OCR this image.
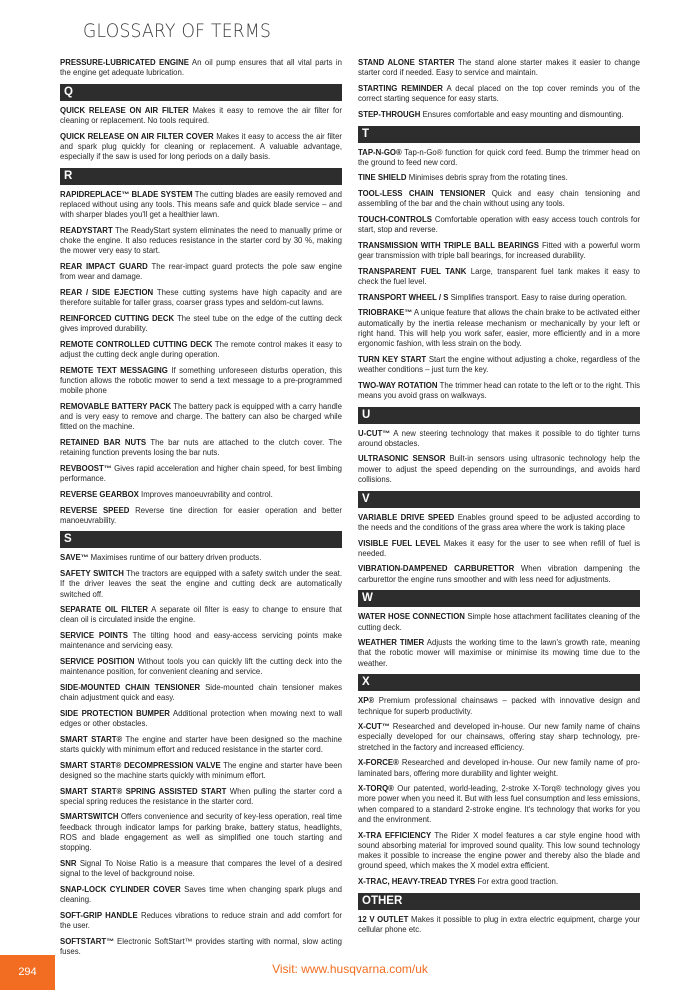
GLOSSARY OF TERMS
PRESSURE-LUBRICATED ENGINE An oil pump ensures that all vital parts in the engine get adequate lubrication.
Q
QUICK RELEASE ON AIR FILTER Makes it easy to remove the air filter for cleaning or replacement. No tools required.
QUICK RELEASE ON AIR FILTER COVER Makes it easy to access the air filter and spark plug quickly for cleaning or replacement. A valuable advantage, especially if the saw is used for long periods on a daily basis.
R
RAPIDREPLACE™ BLADE SYSTEM The cutting blades are easily removed and replaced without using any tools. This means safe and quick blade service – and with sharper blades you'll get a healthier lawn.
READYSTART The ReadyStart system eliminates the need to manually prime or choke the engine. It also reduces resistance in the starter cord by 30 %, making the mower very easy to start.
REAR IMPACT GUARD The rear-impact guard protects the pole saw engine from wear and damage.
REAR / SIDE EJECTION These cutting systems have high capacity and are therefore suitable for taller grass, coarser grass types and seldom-cut lawns.
REINFORCED CUTTING DECK The steel tube on the edge of the cutting deck gives improved durability.
REMOTE CONTROLLED CUTTING DECK The remote control makes it easy to adjust the cutting deck angle during operation.
REMOTE TEXT MESSAGING If something unforeseen disturbs operation, this function allows the robotic mower to send a text message to a pre-programmed mobile phone
REMOVABLE BATTERY PACK The battery pack is equipped with a carry handle and is very easy to remove and charge. The battery can also be charged while fitted on the machine.
RETAINED BAR NUTS The bar nuts are attached to the clutch cover. The retaining function prevents losing the bar nuts.
REVBOOST™ Gives rapid acceleration and higher chain speed, for best limbing performance.
REVERSE GEARBOX Improves manoeuvrability and control.
REVERSE SPEED Reverse tine direction for easier operation and better manoeuvrability.
S
SAVE™ Maximises runtime of our battery driven products.
SAFETY SWITCH The tractors are equipped with a safety switch under the seat. If the driver leaves the seat the engine and cutting deck are automatically switched off.
SEPARATE OIL FILTER A separate oil filter is easy to change to ensure that clean oil is circulated inside the engine.
SERVICE POINTS The tilting hood and easy-access servicing points make maintenance and servicing easy.
SERVICE POSITION Without tools you can quickly lift the cutting deck into the maintenance position, for convenient cleaning and service.
SIDE-MOUNTED CHAIN TENSIONER Side-mounted chain tensioner makes chain adjustment quick and easy.
SIDE PROTECTION BUMPER Additional protection when mowing next to wall edges or other obstacles.
SMART START® The engine and starter have been designed so the machine starts quickly with minimum effort and reduced resistance in the starter cord.
SMART START® DECOMPRESSION VALVE The engine and starter have been designed so the machine starts quickly with minimum effort.
SMART START® SPRING ASSISTED START When pulling the starter cord a special spring reduces the resistance in the starter cord.
SMARTSWITCH Offers convenience and security of key-less operation, real time feedback through indicator lamps for parking brake, battery status, headlights, ROS and blade engagement as well as simplified one touch starting and stopping.
SNR Signal To Noise Ratio is a measure that compares the level of a desired signal to the level of background noise.
SNAP-LOCK CYLINDER COVER Saves time when changing spark plugs and cleaning.
SOFT-GRIP HANDLE Reduces vibrations to reduce strain and add comfort for the user.
SOFTSTART™ Electronic SoftStart™ provides starting with normal, slow acting fuses.
STAND ALONE STARTER The stand alone starter makes it easier to change starter cord if needed. Easy to service and maintain.
STARTING REMINDER A decal placed on the top cover reminds you of the correct starting sequence for easy starts.
STEP-THROUGH Ensures comfortable and easy mounting and dismounting.
T
TAP-N-GO® Tap-n-Go® function for quick cord feed. Bump the trimmer head on the ground to feed new cord.
TINE SHIELD Minimises debris spray from the rotating tines.
TOOL-LESS CHAIN TENSIONER Quick and easy chain tensioning and assembling of the bar and the chain without using any tools.
TOUCH-CONTROLS Comfortable operation with easy access touch controls for start, stop and reverse.
TRANSMISSION WITH TRIPLE BALL BEARINGS Fitted with a powerful worm gear transmission with triple ball bearings, for increased durability.
TRANSPARENT FUEL TANK Large, transparent fuel tank makes it easy to check the fuel level.
TRANSPORT WHEEL / S Simplifies transport. Easy to raise during operation.
TRIOBRAKE™ A unique feature that allows the chain brake to be activated either automatically by the inertia release mechanism or mechanically by your left or right hand. This will help you work safer, easier, more efficiently and in a more ergonomic fashion, with less strain on the body.
TURN KEY START Start the engine without adjusting a choke, regardless of the weather conditions – just turn the key.
TWO-WAY ROTATION The trimmer head can rotate to the left or to the right. This means you avoid grass on walkways.
U
U-CUT™ A new steering technology that makes it possible to do tighter turns around obstacles.
ULTRASONIC SENSOR Built-in sensors using ultrasonic technology help the mower to adjust the speed depending on the surroundings, and avoids hard collisions.
V
VARIABLE DRIVE SPEED Enables ground speed to be adjusted according to the needs and the conditions of the grass area where the work is taking place
VISIBLE FUEL LEVEL Makes it easy for the user to see when refill of fuel is needed.
VIBRATION-DAMPENED CARBURETTOR When vibration dampening the carburettor the engine runs smoother and with less need for adjustments.
W
WATER HOSE CONNECTION Simple hose attachment facilitates cleaning of the cutting deck.
WEATHER TIMER Adjusts the working time to the lawn's growth rate, meaning that the robotic mower will maximise or minimise its mowing time due to the weather.
X
XP® Premium professional chainsaws – packed with innovative design and technique for superb productivity.
X-CUT™ Researched and developed in-house. Our new family name of chains especially developed for our chainsaws, offering stay sharp technology, pre-stretched in the factory and increased efficiency.
X-FORCE® Researched and developed in-house. Our new family name of pro-laminated bars, offering more durability and lighter weight.
X-TORQ® Our patented, world-leading, 2-stroke X-Torq® technology gives you more power when you need it. But with less fuel consumption and less emissions, when compared to a standard 2-stroke engine. It's technology that works for you and the environment.
X-TRA EFFICIENCY The Rider X model features a car style engine hood with sound absorbing material for improved sound quality. This low sound technology makes it possible to increase the engine power and thereby also the blade and ground speed, which makes the X model extra efficient.
X-TRAC, HEAVY-TREAD TYRES For extra good traction.
OTHER
12 V OUTLET Makes it possible to plug in extra electric equipment, charge your cellular phone etc.
294	Visit: www.husqvarna.com/uk
